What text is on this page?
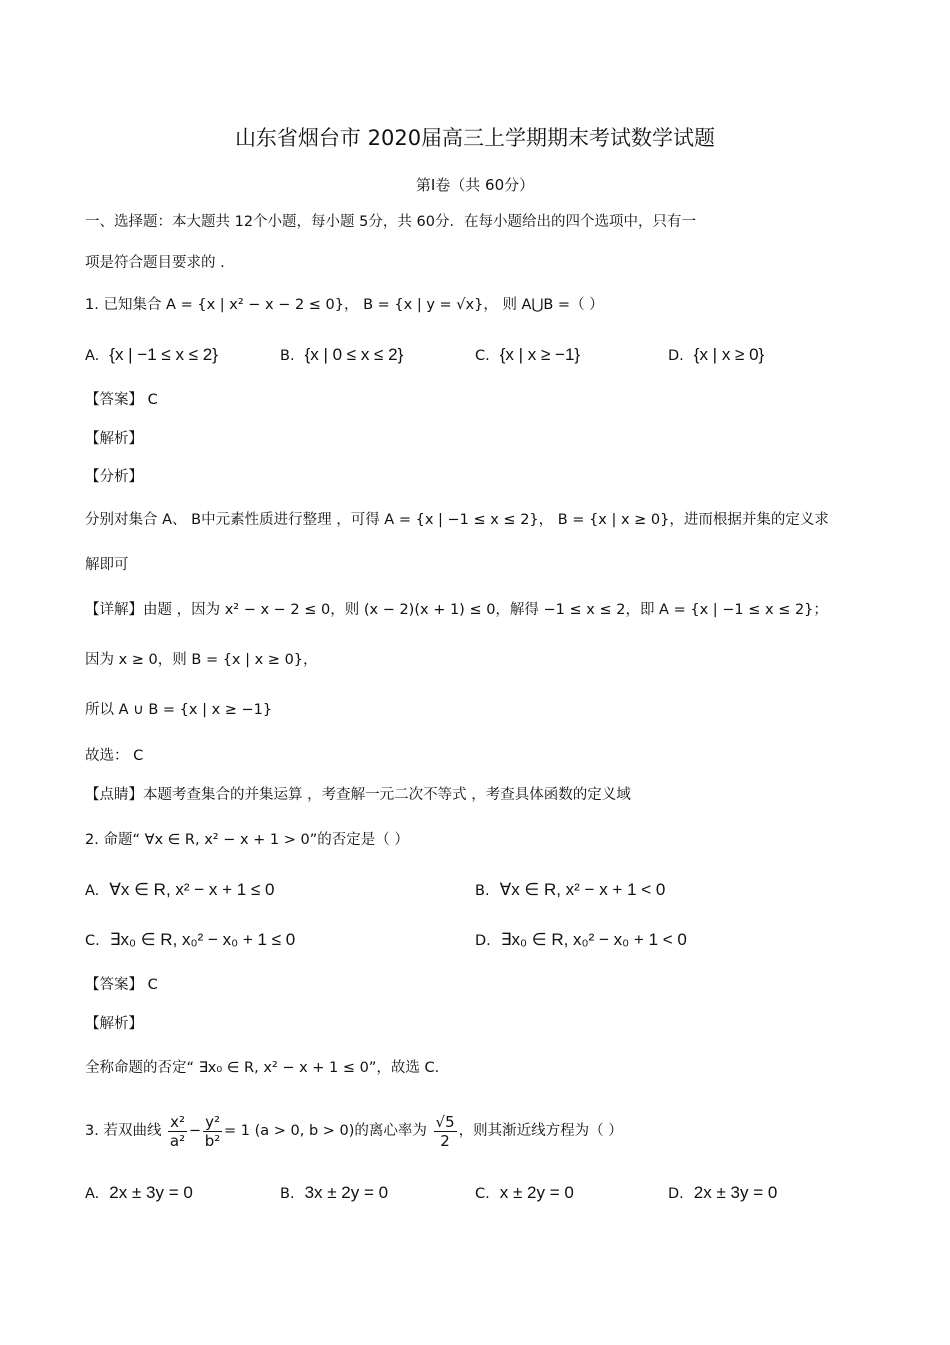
山东省烟台市 2020届高三上学期期末考试数学试题
第Ⅰ卷（共 60分）
一、选择题：本大题共 12个小题，每小题 5分，共 60分．在每小题给出的四个选项中，只有一
项是符合题目要求的 .
1. 已知集合 A = {x | x² − x − 2 ≤ 0}， B = {x | y = √x}， 则 A⋃B =（ ）
A. {x | −1 ≤ x ≤ 2}	B. {x | 0 ≤ x ≤ 2}	C. {x | x ≥ −1}	D. {x | x ≥ 0}
【答案】 C
【解析】
【分析】
分别对集合 A、 B中元素性质进行整理 ，可得 A = {x | −1 ≤ x ≤ 2}， B = {x | x ≥ 0}，进而根据并集的定义求
解即可
【详解】由题 ，因为 x² − x − 2 ≤ 0，则 (x − 2)(x + 1) ≤ 0，解得 −1 ≤ x ≤ 2，即 A = {x | −1 ≤ x ≤ 2}；
因为 x ≥ 0，则 B = {x | x ≥ 0}，
所以 A ∪ B = {x | x ≥ −1}
故选： C
【点睛】本题考查集合的并集运算 ，考查解一元二次不等式 ，考查具体函数的定义域
2. 命题“ ∀x ∈ R, x² − x + 1 > 0”的否定是（ ）
A. ∀x ∈ R, x² − x + 1 ≤ 0	B. ∀x ∈ R, x² − x + 1 < 0
C. ∃x₀ ∈ R, x₀² − x₀ + 1 ≤ 0	D. ∃x₀ ∈ R, x₀² − x₀ + 1 < 0
【答案】 C
【解析】
全称命题的否定“ ∃x₀ ∈ R, x² − x + 1 ≤ 0”，故选 C.
3. 若双曲线 $\frac{\text{x²}}{\text{a²}} - \frac{\text{y²}}{\text{b²}} = 1$ (a > 0, b > 0)的离心率为 $\frac{√5}{2}$ ，则其渐近线方程为（ ）
A. 2x ± 3y = 0	B. 3x ± 2y = 0	C. x ± 2y = 0	D. 2x ± 3y = 0
